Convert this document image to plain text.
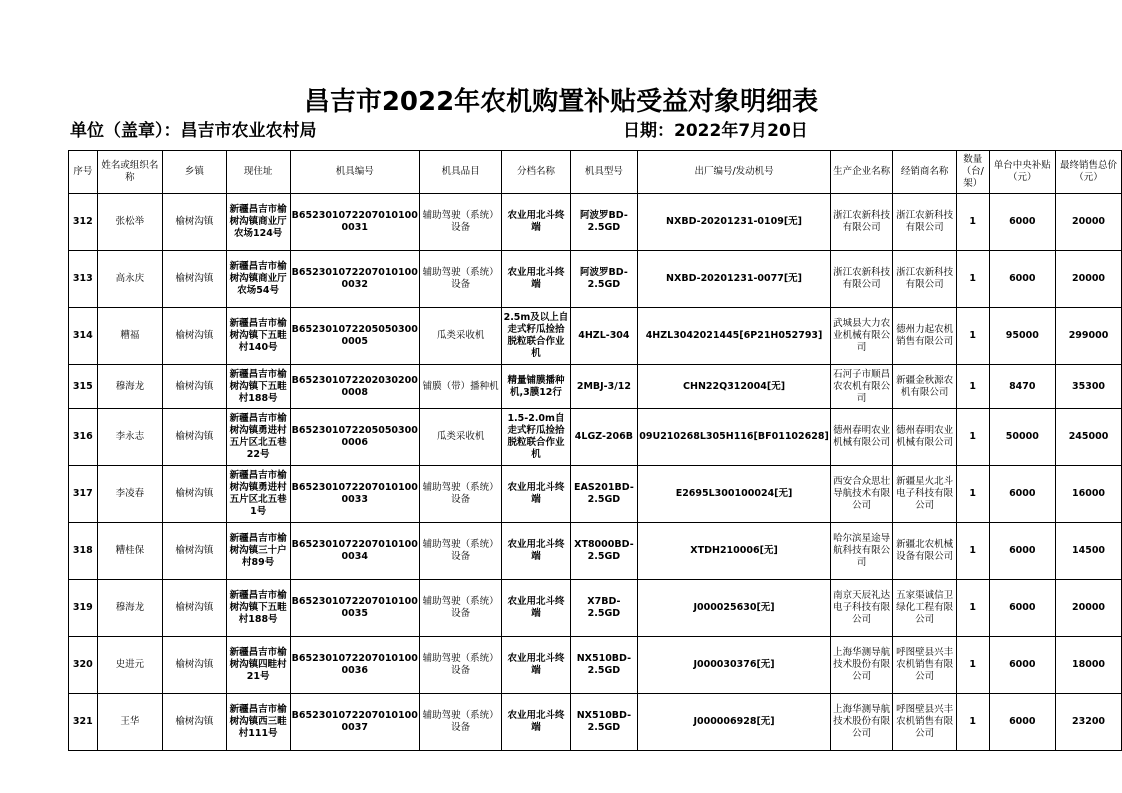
昌吉市2022年农机购置补贴受益对象明细表
单位（盖章）：昌吉市农业农村局	日期：2022年7月20日
序号	姓名或组织名称	乡镇	现住址	机具编号	机具品目	分档名称	机具型号	出厂编号/发动机号	生产企业名称	经销商名称	数量（台/架）	单台中央补贴（元）	最终销售总价（元）
312	张松举	榆树沟镇	新疆昌吉市榆树沟镇商业厅农场124号	B652301072207010100 0031	辅助驾驶（系统）设备	农业用北斗终端	阿波罗BD-2.5GD	NXBD-20201231-0109[无]	浙江农新科技有限公司	浙江农新科技有限公司	1	6000	20000
313	高永庆	榆树沟镇	新疆昌吉市榆树沟镇商业厅农场54号	B652301072207010100 0032	辅助驾驶（系统）设备	农业用北斗终端	阿波罗BD-2.5GD	NXBD-20201231-0077[无]	浙江农新科技有限公司	浙江农新科技有限公司	1	6000	20000
314	糟福	榆树沟镇	新疆昌吉市榆树沟镇下五畦村140号	B652301072205050300 0005	瓜类采收机	2.5m及以上自走式籽瓜捡拾脱粒联合作业机	4HZL-304	4HZL3042021445[6P21H052793]	武城县大力农业机械有限公司	德州力起农机销售有限公司	1	95000	299000
315	穆海龙	榆树沟镇	新疆昌吉市榆树沟镇下五畦村188号	B652301072202030200 0008	铺膜（带）播种机	精量铺膜播种机,3膜12行	2MBJ-3/12	CHN22Q312004[无]	石河子市顺昌农农机有限公司	新疆金秋源农机有限公司	1	8470	35300
316	李永志	榆树沟镇	新疆昌吉市榆树沟镇勇进村五片区北五巷22号	B652301072205050300 0006	瓜类采收机	1.5-2.0m自走式籽瓜捡拾脱粒联合作业机	4LGZ-206B	09U210268L305H116[BF01102628]	德州春明农业机械有限公司	德州春明农业机械有限公司	1	50000	245000
317	李凌春	榆树沟镇	新疆昌吉市榆树沟镇勇进村五片区北五巷1号	B652301072207010100 0033	辅助驾驶（系统）设备	农业用北斗终端	EAS201BD-2.5GD	E2695L300100024[无]	西安合众思壮导航技术有限公司	新疆星火北斗电子科技有限公司	1	6000	16000
318	糟桂保	榆树沟镇	新疆昌吉市榆树沟镇三十户村89号	B652301072207010100 0034	辅助驾驶（系统）设备	农业用北斗终端	XT8000BD-2.5GD	XTDH210006[无]	哈尔滨星途导航科技有限公司	新疆北农机械设备有限公司	1	6000	14500
319	穆海龙	榆树沟镇	新疆昌吉市榆树沟镇下五畦村188号	B652301072207010100 0035	辅助驾驶（系统）设备	农业用北斗终端	X7BD-2.5GD	J000025630[无]	南京天辰礼达电子科技有限公司	五家渠诚信卫绿化工程有限公司	1	6000	20000
320	史进元	榆树沟镇	新疆昌吉市榆树沟镇四畦村21号	B652301072207010100 0036	辅助驾驶（系统）设备	农业用北斗终端	NX510BD-2.5GD	J000030376[无]	上海华测导航技术股份有限公司	呼图壁县兴丰农机销售有限公司	1	6000	18000
321	王华	榆树沟镇	新疆昌吉市榆树沟镇西三畦村111号	B652301072207010100 0037	辅助驾驶（系统）设备	农业用北斗终端	NX510BD-2.5GD	J000006928[无]	上海华测导航技术股份有限公司	呼图壁县兴丰农机销售有限公司	1	6000	23200
